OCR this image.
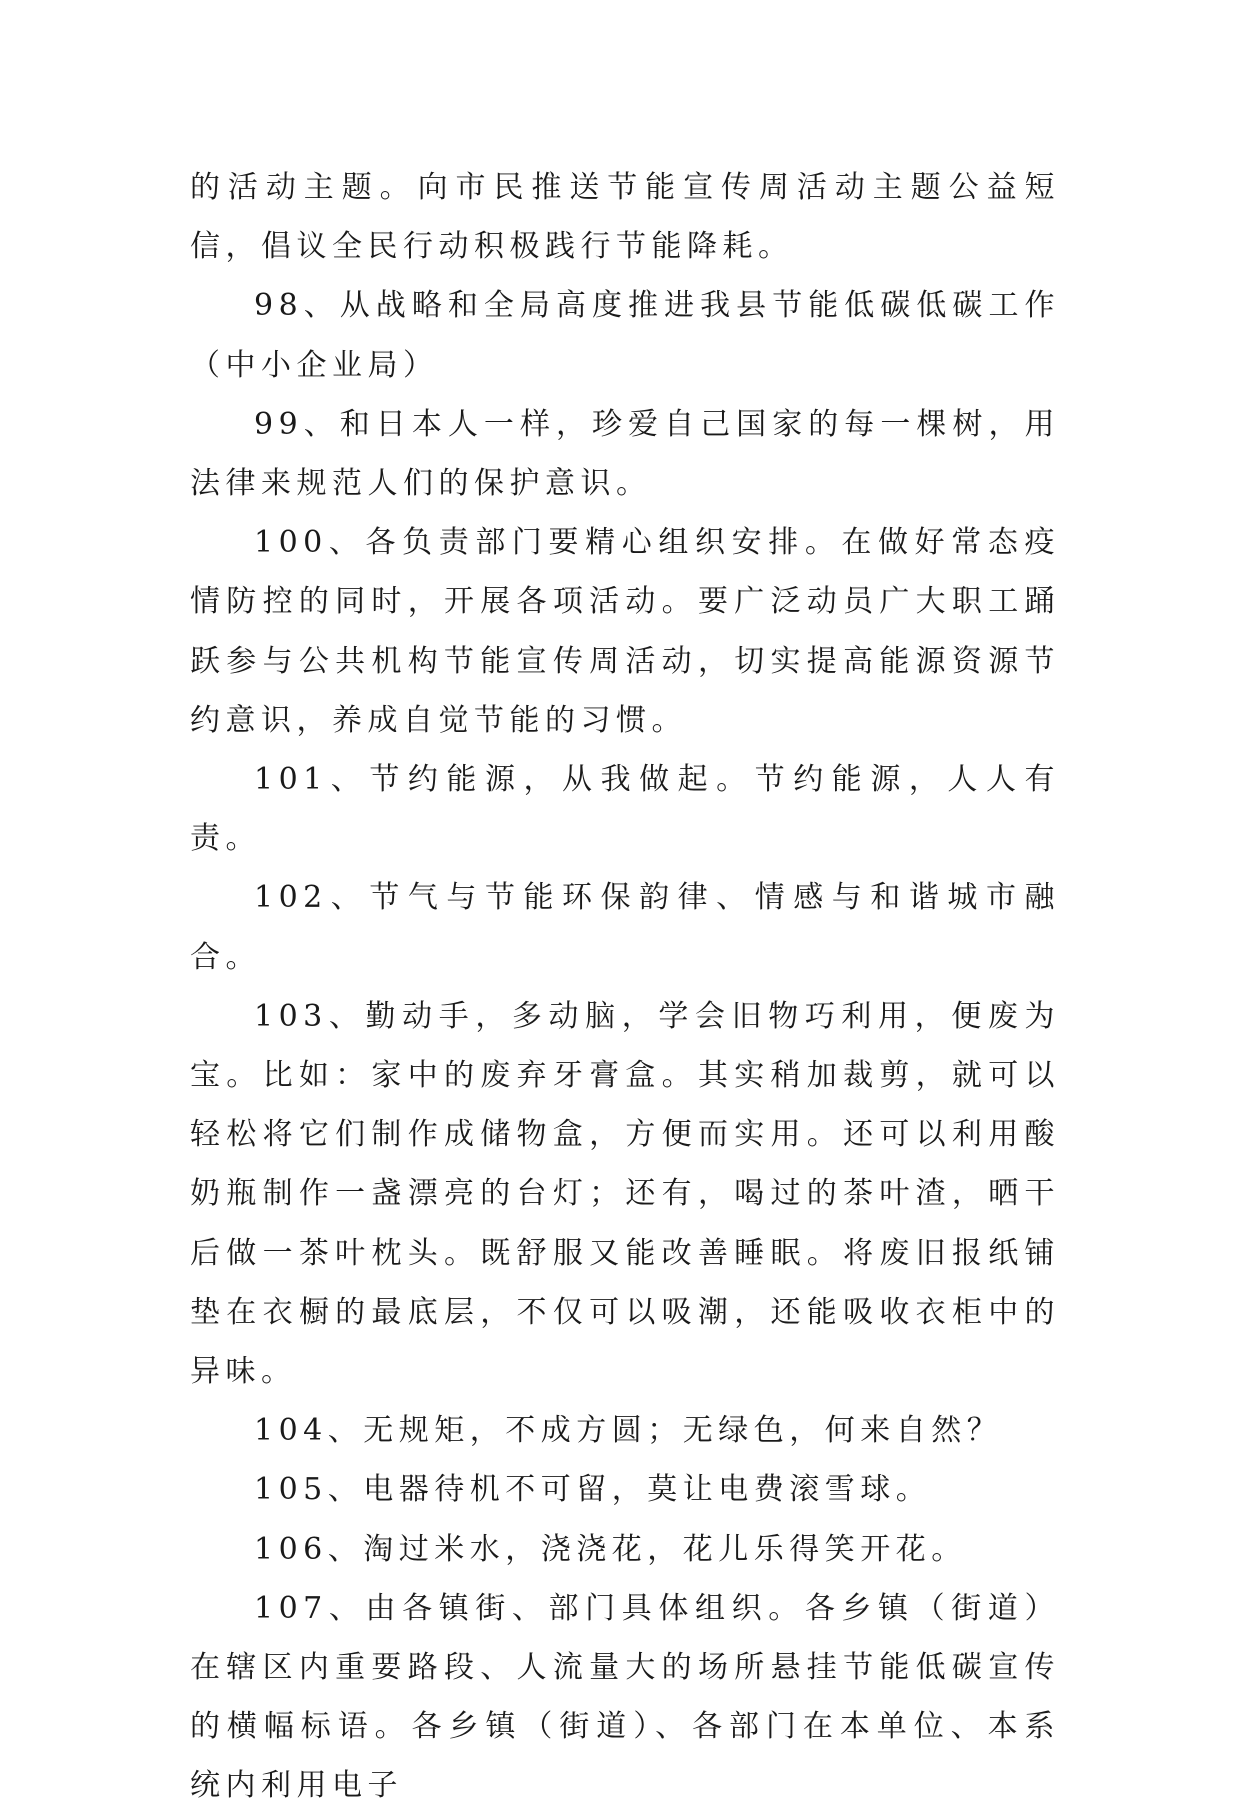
的活动主题。向市民推送节能宣传周活动主题公益短信，倡议全民行动积极践行节能降耗。

98、从战略和全局高度推进我县节能低碳低碳工作（中小企业局）

99、和日本人一样，珍爱自己国家的每一棵树，用法律来规范人们的保护意识。

100、各负责部门要精心组织安排。在做好常态疫情防控的同时，开展各项活动。要广泛动员广大职工踊跃参与公共机构节能宣传周活动，切实提高能源资源节约意识，养成自觉节能的习惯。

101、节约能源，从我做起。节约能源，人人有责。

102、节气与节能环保韵律、情感与和谐城市融合。

103、勤动手，多动脑，学会旧物巧利用，便废为宝。比如：家中的废弃牙膏盒。其实稍加裁剪，就可以轻松将它们制作成储物盒，方便而实用。还可以利用酸奶瓶制作一盏漂亮的台灯；还有，喝过的茶叶渣，晒干后做一茶叶枕头。既舒服又能改善睡眠。将废旧报纸铺垫在衣橱的最底层，不仅可以吸潮，还能吸收衣柜中的异味。

104、无规矩，不成方圆；无绿色，何来自然？

105、电器待机不可留，莫让电费滚雪球。

106、淘过米水，浇浇花，花儿乐得笑开花。

107、由各镇街、部门具体组织。各乡镇（街道）在辖区内重要路段、人流量大的场所悬挂节能低碳宣传的横幅标语。各乡镇（街道）、各部门在本单位、本系统内利用电子
